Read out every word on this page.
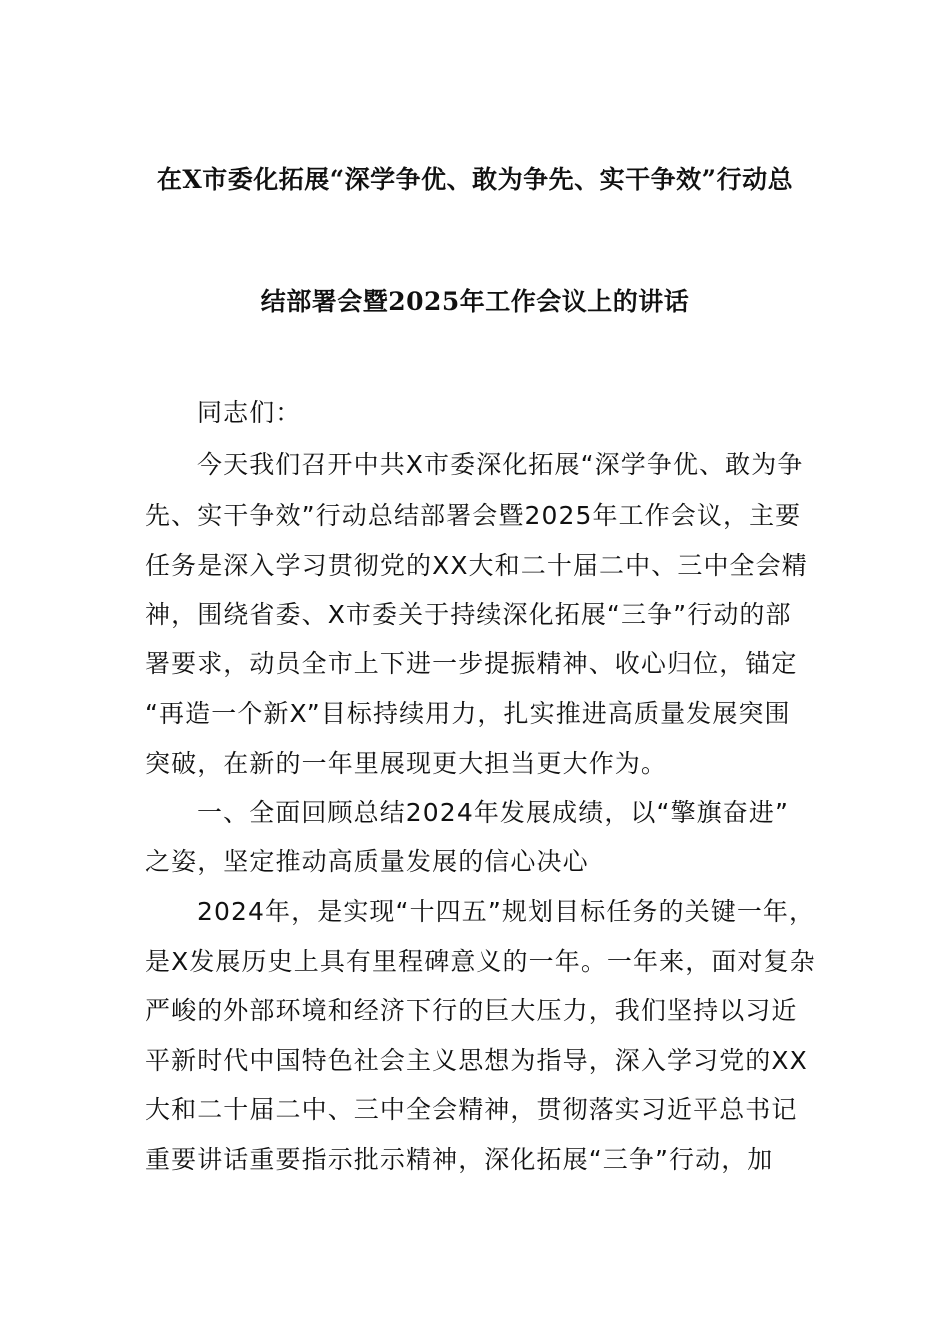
在X市委化拓展“深学争优、敢为争先、实干争效”行动总
结部署会暨2025年工作会议上的讲话
同志们：
今天我们召开中共X市委深化拓展“深学争优、敢为争
先、实干争效”行动总结部署会暨2025年工作会议，主要
任务是深入学习贯彻党的XX大和二十届二中、三中全会精
神，围绕省委、X市委关于持续深化拓展“三争”行动的部
署要求，动员全市上下进一步提振精神、收心归位，锚定
“再造一个新X”目标持续用力，扎实推进高质量发展突围
突破，在新的一年里展现更大担当更大作为。
一、全面回顾总结2024年发展成绩，以“擎旗奋进”
之姿，坚定推动高质量发展的信心决心
2024年，是实现“十四五”规划目标任务的关键一年，
是X发展历史上具有里程碑意义的一年。一年来，面对复杂
严峻的外部环境和经济下行的巨大压力，我们坚持以习近
平新时代中国特色社会主义思想为指导，深入学习党的XX
大和二十届二中、三中全会精神，贯彻落实习近平总书记
重要讲话重要指示批示精神，深化拓展“三争”行动，加
